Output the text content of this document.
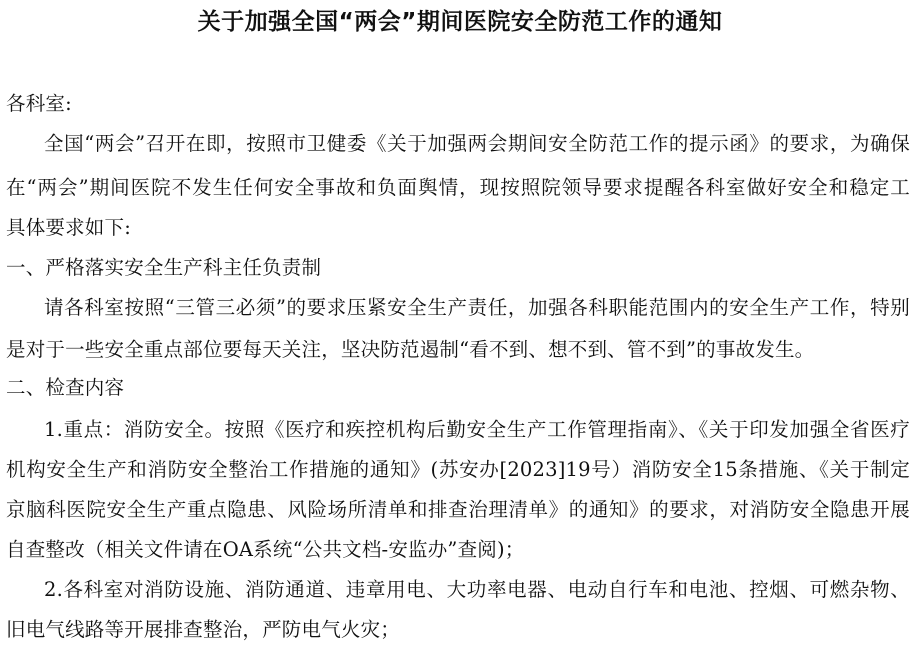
关于加强全国“两会”期间医院安全防范工作的通知
各科室:
全国“两会”召开在即，按照市卫健委《关于加强两会期间安全防范工作的提示函》的要求，为确保
在“两会”期间医院不发生任何安全事故和负面舆情，现按照院领导要求提醒各科室做好安全和稳定工
具体要求如下:
一、严格落实安全生产科主任负责制
请各科室按照“三管三必须”的要求压紧安全生产责任，加强各科职能范围内的安全生产工作，特别
是对于一些安全重点部位要每天关注，坚决防范遏制“看不到、想不到、管不到”的事故发生。
二、检查内容
1.重点：消防安全。按照《医疗和疾控机构后勤安全生产工作管理指南》、《关于印发加强全省医疗
机构安全生产和消防安全整治工作措施的通知》(苏安办[2023]19号）消防安全15条措施、《关于制定
京脑科医院安全生产重点隐患、风险场所清单和排查治理清单》的通知》的要求，对消防安全隐患开展
自查整改（相关文件请在OA系统“公共文档-安监办”查阅)；
2.各科室对消防设施、消防通道、违章用电、大功率电器、电动自行车和电池、控烟、可燃杂物、
旧电气线路等开展排查整治，严防电气火灾；
